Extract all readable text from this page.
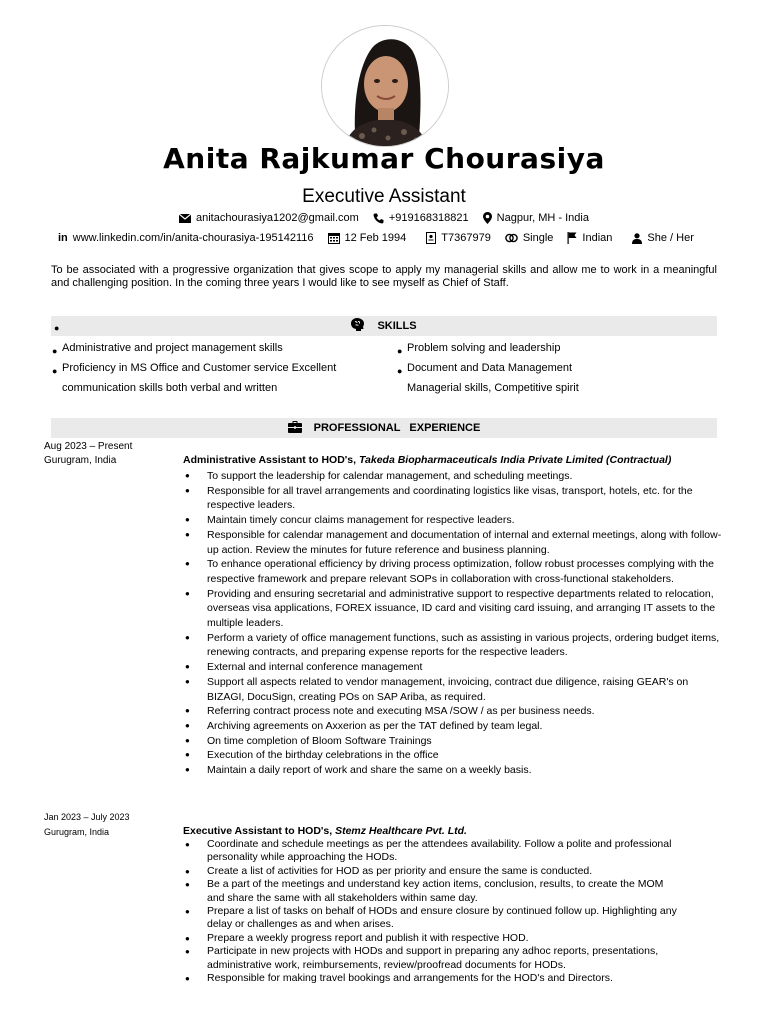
Anita Rajkumar Chourasiya
Executive Assistant
anitachourasiya1202@gmail.com	+919168318821	Nagpur, MH - India
in www.linkedin.com/in/anita-chourasiya-195142116	12 Feb 1994	T7367979	Single	Indian	She / Her
To be associated with a progressive organization that gives scope to apply my managerial skills and allow me to work in a meaningful and challenging position. In the coming three years I would like to see myself as Chief of Staff.
●	SKILLS
● Administrative and project management skills
● Proficiency in MS Office and Customer service Excellent
communication skills both verbal and written
● Problem solving and leadership
● Document and Data Management
Managerial skills, Competitive spirit
PROFESSIONAL   EXPERIENCE
Aug 2023 – Present
Gurugram, India	Administrative Assistant to HOD's, Takeda Biopharmaceuticals India Private Limited (Contractual)
● To support the leadership for calendar management, and scheduling meetings.
● Responsible for all travel arrangements and coordinating logistics like visas, transport, hotels, etc. for the respective leaders.
● Maintain timely concur claims management for respective leaders.
● Responsible for calendar management and documentation of internal and external meetings, along with follow-up action. Review the minutes for future reference and business planning.
● To enhance operational efficiency by driving process optimization, follow robust processes complying with the respective framework and prepare relevant SOPs in collaboration with cross-functional stakeholders.
● Providing and ensuring secretarial and administrative support to respective departments related to relocation, overseas visa applications, FOREX issuance, ID card and visiting card issuing, and arranging IT assets to the multiple leaders.
● Perform a variety of office management functions, such as assisting in various projects, ordering budget items, renewing contracts, and preparing expense reports for the respective leaders.
● External and internal conference management
● Support all aspects related to vendor management, invoicing, contract due diligence, raising GEAR's on BIZAGI, DocuSign, creating POs on SAP Ariba, as required.
● Referring contract process note and executing MSA /SOW / as per business needs.
● Archiving agreements on Axxerion as per the TAT defined by team legal.
● On time completion of Bloom Software Trainings
● Execution of the birthday celebrations in the office
● Maintain a daily report of work and share the same on a weekly basis.
Jan 2023 – July 2023
Gurugram, India	Executive Assistant to HOD's, Stemz Healthcare Pvt. Ltd.
● Coordinate and schedule meetings as per the attendees availability. Follow a polite and professional personality while approaching the HODs.
● Create a list of activities for HOD as per priority and ensure the same is conducted.
● Be a part of the meetings and understand key action items, conclusion, results, to create the MOM and share the same with all stakeholders within same day.
● Prepare a list of tasks on behalf of HODs and ensure closure by continued follow up. Highlighting any delay or challenges as and when arises.
● Prepare a weekly progress report and publish it with respective HOD.
● Participate in new projects with HODs and support in preparing any adhoc reports, presentations, administrative work, reimbursements, review/proofread documents for HODs.
● Responsible for making travel bookings and arrangements for the HOD's and Directors.
